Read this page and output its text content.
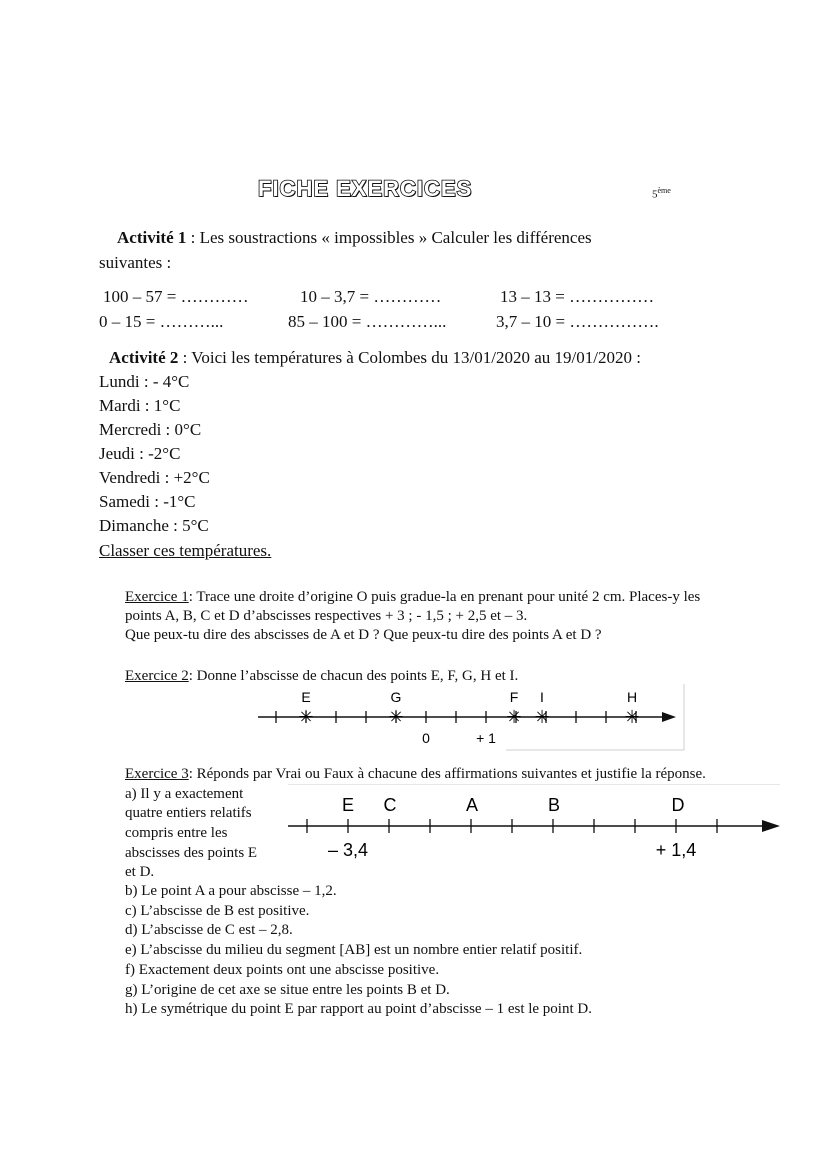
FICHE EXERCICES	5ème
Activité 1 : Les soustractions « impossibles » Calculer les différences
suivantes :
100 – 57 = …………	10 – 3,7 = …………	13 – 13 = ……………
0 – 15 = ………...	85 – 100 = …………...	3,7 – 10 = …………….
Activité 2 : Voici les températures à Colombes du 13/01/2020 au 19/01/2020 :
Lundi : - 4°C
Mardi : 1°C
Mercredi : 0°C
Jeudi : -2°C
Vendredi : +2°C
Samedi : -1°C
Dimanche : 5°C
Classer ces températures.
Exercice 1: Trace une droite d’origine O puis gradue-la en prenant pour unité 2 cm. Places-y les
points A, B, C et D d’abscisses respectives + 3 ; - 1,5 ; + 2,5 et – 3.
Que peux-tu dire des abscisses de A et D ? Que peux-tu dire des points A et D ?
Exercice 2: Donne l’abscisse de chacun des points E, F, G, H et I.
✳	✳	✳ ✳	✳
E	G	F I	H
0	+ 1
Exercice 3: Réponds par Vrai ou Faux à chacune des affirmations suivantes et justifie la réponse.
a) Il y a exactement
quatre entiers relatifs
compris entre les
abscisses des points E
et D.
b) Le point A a pour abscisse – 1,2.
c) L’abscisse de B est positive.
d) L’abscisse de C est – 2,8.
e) L’abscisse du milieu du segment [AB] est un nombre entier relatif positif.
f) Exactement deux points ont une abscisse positive.
g) L’origine de cet axe se situe entre les points B et D.
h) Le symétrique du point E par rapport au point d’abscisse – 1 est le point D.
E C	A	B	D
– 3,4	+ 1,4
